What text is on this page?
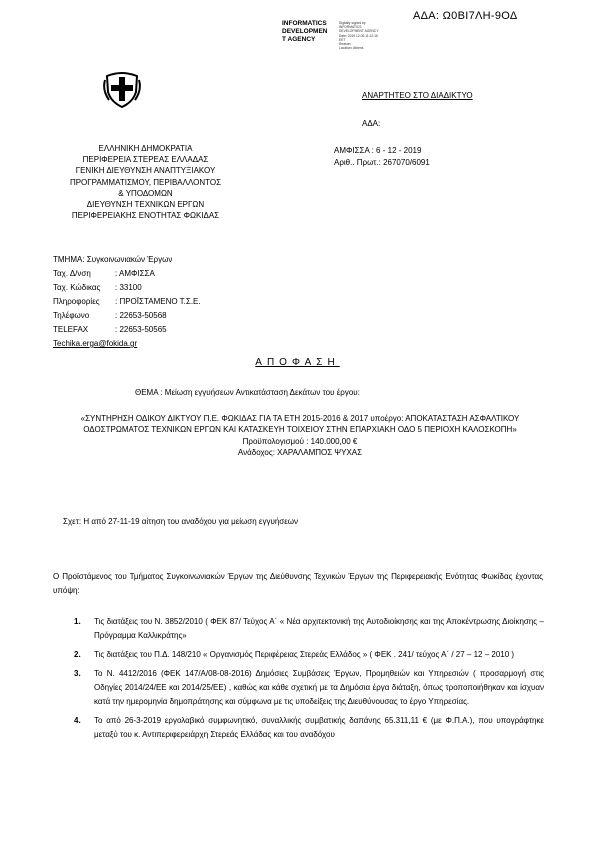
ΑΔΑ: Ω0ΒΙ7ΛΗ-9ΟΔ
INFORMATICS
DEVELOPMEN
T AGENCY
Digitally signed by
INFORMATICS
DEVELOPMENT AGENCY
Date: 2019.12.06 11:12:16
EET
Reason:
Location: Athens
ΑΝΑΡΤΗΤΕΟ ΣΤΟ ΔΙΑΔΙΚΤΥΟ
ΑΔΑ:
ΕΛΛΗΝΙΚΗ ΔΗΜΟΚΡΑΤΙΑ
ΠΕΡΙΦΕΡΕΙΑ ΣΤΕΡΕΑΣ ΕΛΛΑΔΑΣ
ΓΕΝΙΚΗ ΔΙΕΥΘΥΝΣΗ ΑΝΑΠΤΥΞΙΑΚΟΥ
ΠΡΟΓΡΑΜΜΑΤΙΣΜΟΥ, ΠΕΡΙΒΑΛΛΟΝΤΟΣ
& ΥΠΟΔΟΜΩΝ
ΔΙΕΥΘΥΝΣΗ ΤΕΧΝΙΚΩΝ ΕΡΓΩΝ
ΠΕΡΙΦΕΡΕΙΑΚΗΣ ΕΝΟΤΗΤΑΣ ΦΩΚΙΔΑΣ
ΑΜΦΙΣΣΑ : 6 - 12 - 2019
Αριθ.. Πρωτ.: 267070/6091
ΤΜΗΜΑ: Συγκοινωνιακών Έργων
Ταχ. Δ/νση	: ΑΜΦΙΣΣΑ
Ταχ. Κώδικας : 33100
Πληροφορίες : ΠΡΟΪΣΤΑΜΕΝΟ Τ.Σ.Ε.
Τηλέφωνο	: 22653-50568
TELEFAX	: 22653-50565
Techika.erga@fokida.gr
ΑΠΟΦΑΣΗ
ΘΕΜΑ : Μείωση εγγυήσεων Αντικατάσταση Δεκάτων του έργου:
«ΣΥΝΤΗΡΗΣΗ ΟΔΙΚΟΥ ΔΙΚΤΥΟΥ Π.Ε. ΦΩΚΙΔΑΣ ΓΙΑ ΤΑ ΕΤΗ 2015-2016 & 2017 υποέργο: ΑΠΟΚΑΤΑΣΤΑΣΗ ΑΣΦΑΛΤΙΚΟΥ ΟΔΟΣΤΡΩΜΑΤΟΣ ΤΕΧΝΙΚΩΝ ΕΡΓΩΝ ΚΑΙ ΚΑΤΑΣΚΕΥΗ ΤΟΙΧΕΙΟΥ ΣΤΗΝ ΕΠΑΡΧΙΑΚΗ ΟΔΟ 5 ΠΕΡΙΟΧΗ ΚΑΛΟΣΚΟΠΗ»
Προϋπολογισμού : 140.000,00 €
Ανάδοχος: ΧΑΡΑΛΑΜΠΟΣ ΨΥΧΑΣ
Σχετ: Η από 27-11-19 αίτηση του αναδόχου για μείωση εγγυήσεων
Ο Προϊστάμενος του Τμήματος Συγκοινωνιακών Έργων της Διεύθυνσης Τεχνικών Έργων της Περιφερειακής Ενότητας Φωκίδας έχοντας υπόψη:
1. Τις διατάξεις του Ν. 3852/2010 ( ΦΕΚ 87/ Τεύχος Α΄ « Νέα αρχιτεκτονική της Αυτοδιοίκησης και της Αποκέντρωσης Διοίκησης – Πρόγραμμα Καλλικράτης»
2. Τις διατάξεις του Π.Δ. 148/210 « Οργανισμός Περιφέρειας Στερεάς Ελλάδος » ( ΦΕΚ . 241/ τεύχος Α΄ / 27 – 12 – 2010 )
3. Το Ν. 4412/2016 (ΦΕΚ 147/Α/08-08-2016) Δημόσιες Συμβάσεις Έργων, Προμηθειών και Υπηρεσιών ( προσαρμογή στις Οδηγίες 2014/24/ΕΕ και 2014/25/ΕΕ) , καθώς και κάθε σχετική με τα Δημόσια έργα διάταξη, όπως τροποποιήθηκαν και ίσχυαν κατά την ημερομηνία δημοπράτησης και σύμφωνα με τις υποδείξεις της Διευθύνουσας το έργο Υπηρεσίας.
4. Το από 26-3-2019 εργολαβικό συμφωνητικό, συναλλικής συμβατικής δαπάνης 65.311,11 € (με Φ.Π.Α.), που υπογράφτηκε μεταξύ του κ. Αντιπεριφερειάρχη Στερεάς Ελλάδας και του αναδόχου
